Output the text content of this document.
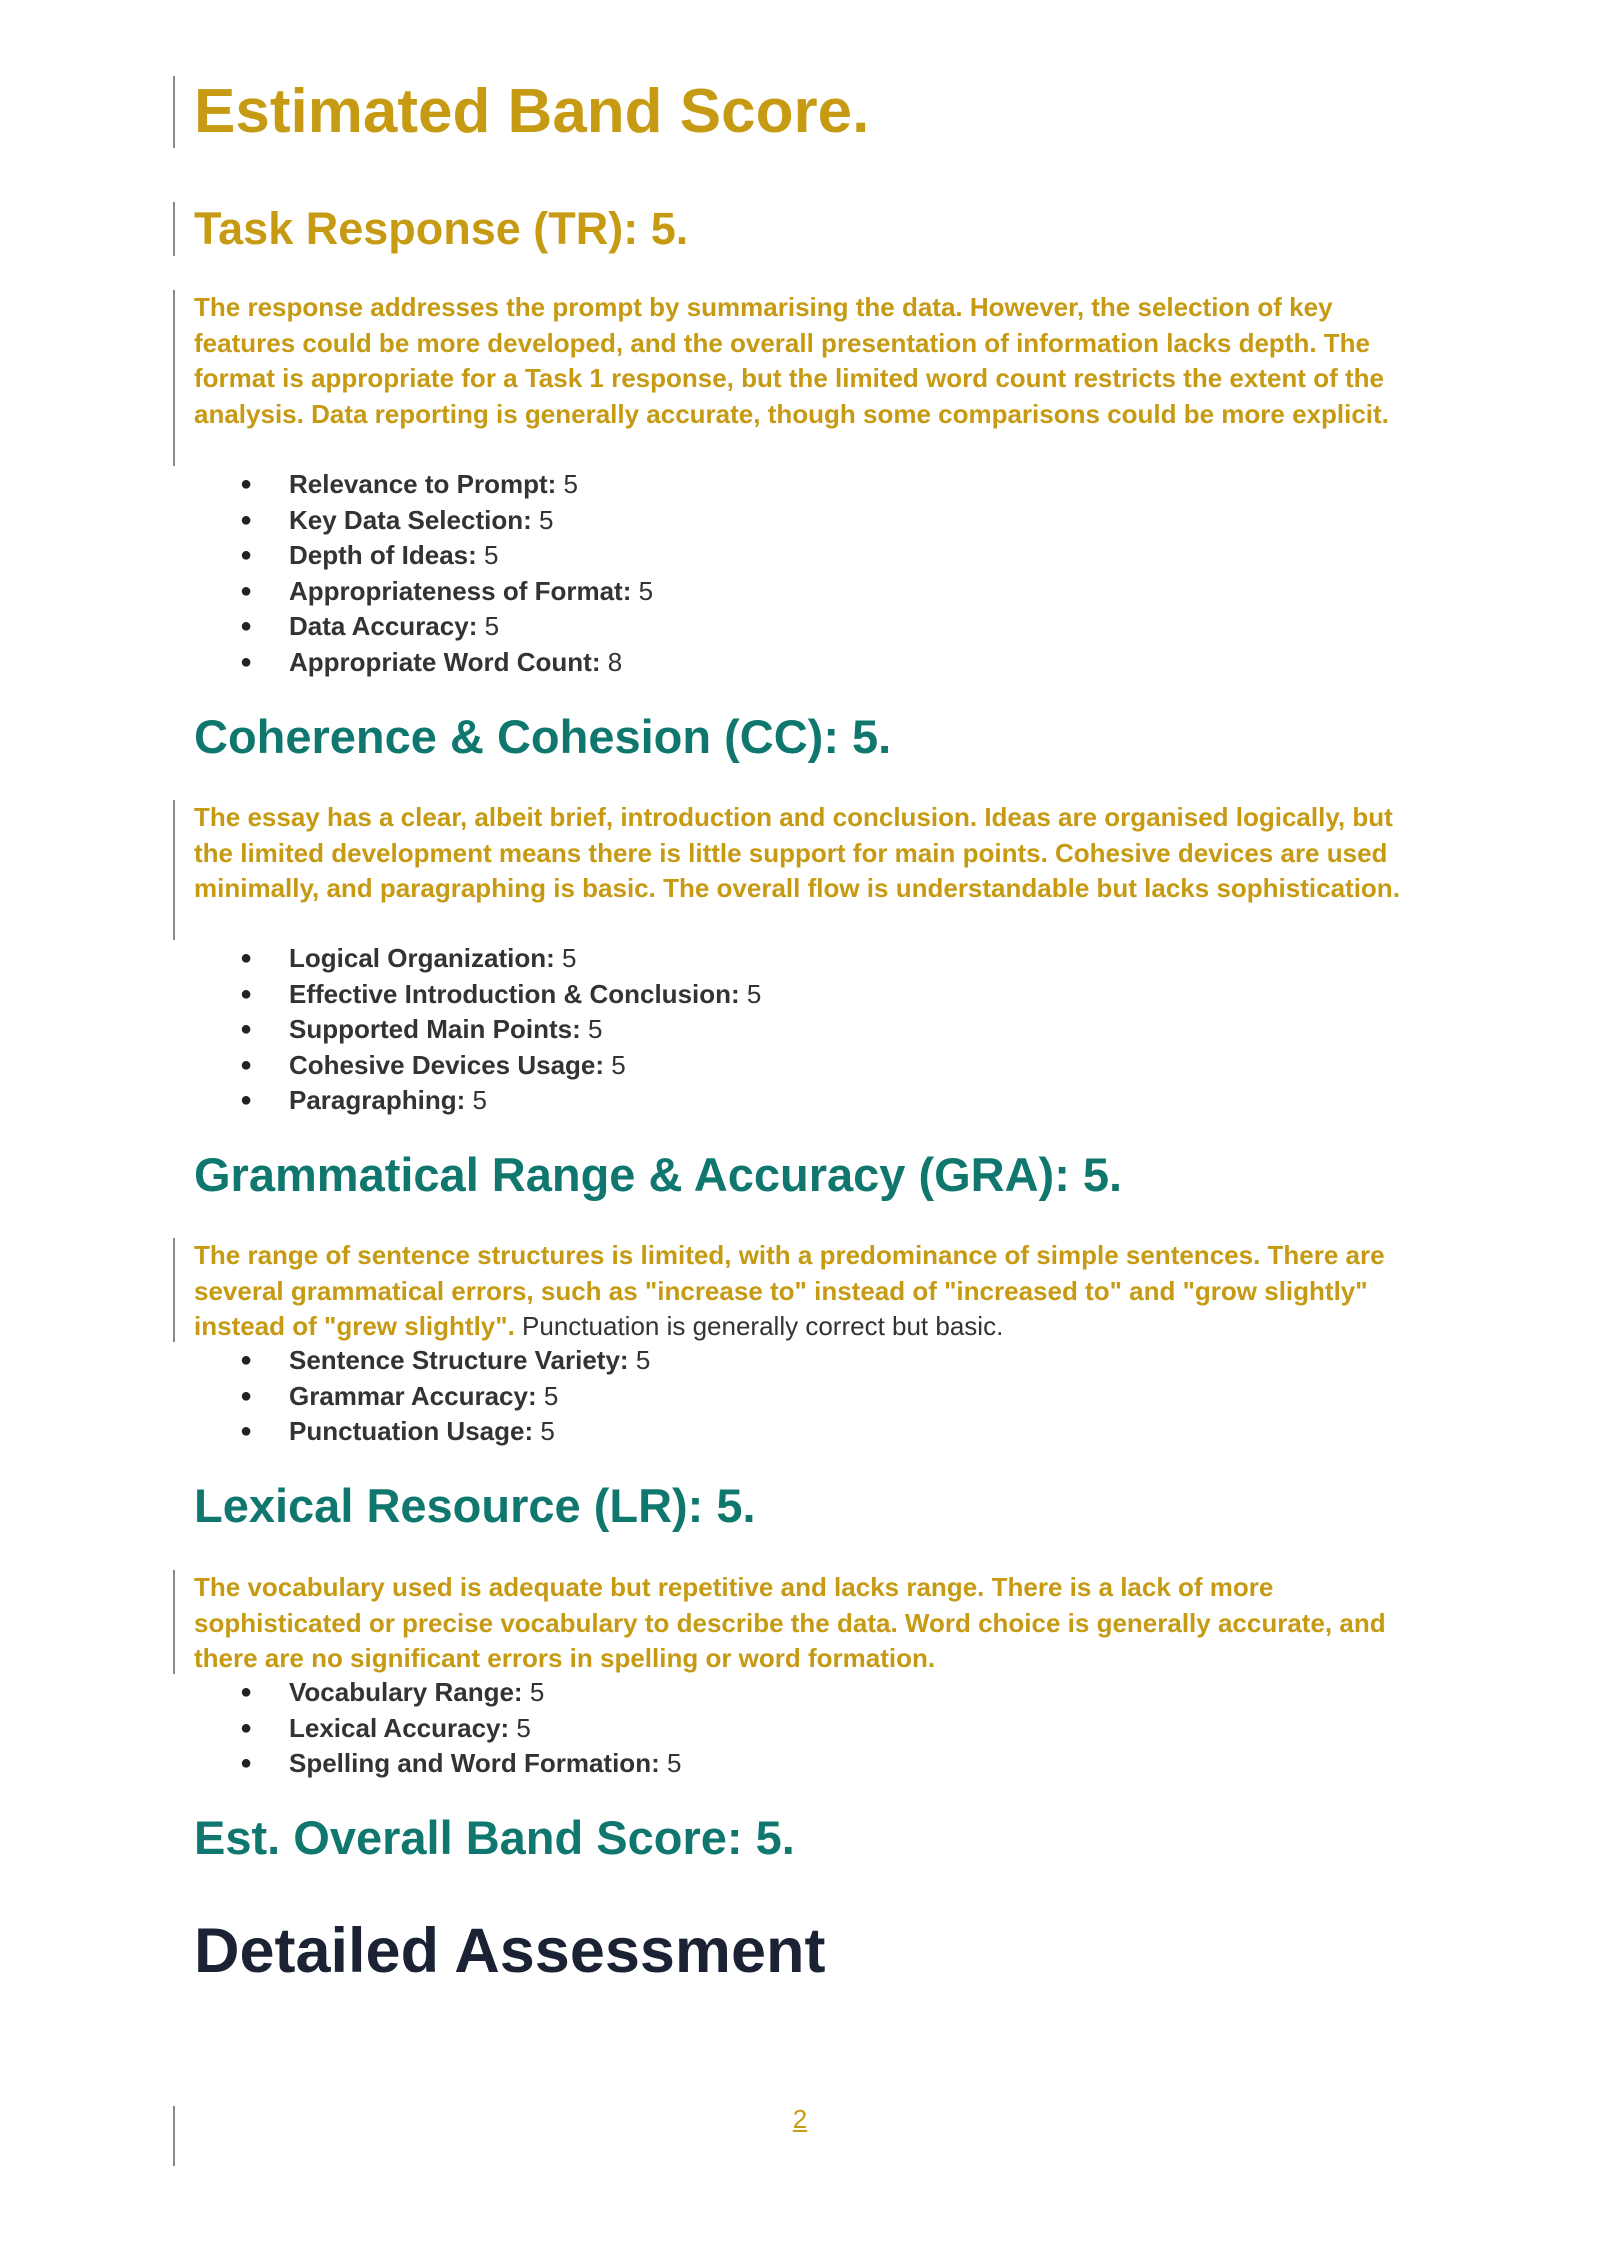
Estimated Band Score.
Task Response (TR): 5.

The response addresses the prompt by summarising the data. However, the selection of key features could be more developed, and the overall presentation of information lacks depth. The format is appropriate for a Task 1 response, but the limited word count restricts the extent of the analysis. Data reporting is generally accurate, though some comparisons could be more explicit.

● Relevance to Prompt: 5
● Key Data Selection: 5
● Depth of Ideas: 5
● Appropriateness of Format: 5
● Data Accuracy: 5
● Appropriate Word Count: 8
Coherence & Cohesion (CC): 5.

The essay has a clear, albeit brief, introduction and conclusion. Ideas are organised logically, but the limited development means there is little support for main points. Cohesive devices are used minimally, and paragraphing is basic. The overall flow is understandable but lacks sophistication.

● Logical Organization: 5
● Effective Introduction & Conclusion: 5
● Supported Main Points: 5
● Cohesive Devices Usage: 5
● Paragraphing: 5
Grammatical Range & Accuracy (GRA): 5.

The range of sentence structures is limited, with a predominance of simple sentences. There are several grammatical errors, such as "increase to" instead of "increased to" and "grow slightly" instead of "grew slightly". Punctuation is generally correct but basic.

● Sentence Structure Variety: 5
● Grammar Accuracy: 5
● Punctuation Usage: 5
Lexical Resource (LR): 5.

The vocabulary used is adequate but repetitive and lacks range. There is a lack of more sophisticated or precise vocabulary to describe the data. Word choice is generally accurate, and there are no significant errors in spelling or word formation.

● Vocabulary Range: 5
● Lexical Accuracy: 5
● Spelling and Word Formation: 5
Est. Overall Band Score: 5.
Detailed Assessment
2
